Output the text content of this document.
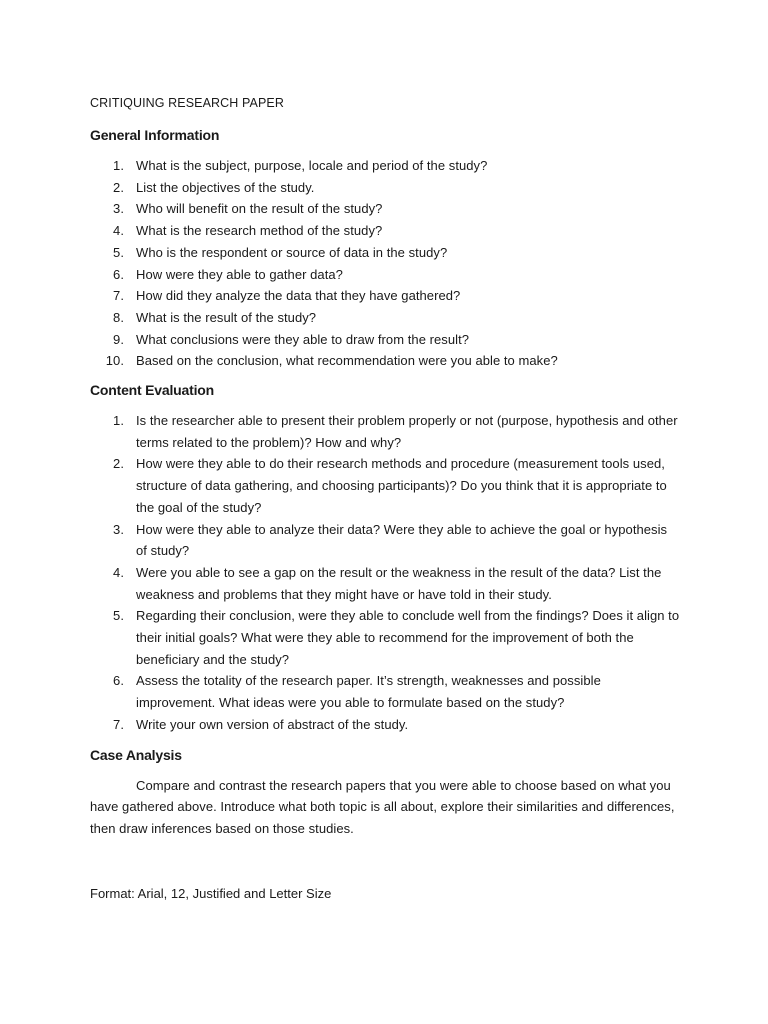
CRITIQUING RESEARCH PAPER
General Information
1. What is the subject, purpose, locale and period of the study?
2. List the objectives of the study.
3. Who will benefit on the result of the study?
4. What is the research method of the study?
5. Who is the respondent or source of data in the study?
6. How were they able to gather data?
7. How did they analyze the data that they have gathered?
8. What is the result of the study?
9. What conclusions were they able to draw from the result?
10. Based on the conclusion, what recommendation were you able to make?
Content Evaluation
1. Is the researcher able to present their problem properly or not (purpose, hypothesis and other terms related to the problem)? How and why?
2. How were they able to do their research methods and procedure (measurement tools used, structure of data gathering, and choosing participants)? Do you think that it is appropriate to the goal of the study?
3. How were they able to analyze their data? Were they able to achieve the goal or hypothesis of study?
4. Were you able to see a gap on the result or the weakness in the result of the data? List the weakness and problems that they might have or have told in their study.
5. Regarding their conclusion, were they able to conclude well from the findings? Does it align to their initial goals? What were they able to recommend for the improvement of both the beneficiary and the study?
6. Assess the totality of the research paper. It’s strength, weaknesses and possible improvement. What ideas were you able to formulate based on the study?
7. Write your own version of abstract of the study.
Case Analysis

Compare and contrast the research papers that you were able to choose based on what you have gathered above. Introduce what both topic is all about, explore their similarities and differences, then draw inferences based on those studies.

Format: Arial, 12, Justified and Letter Size
